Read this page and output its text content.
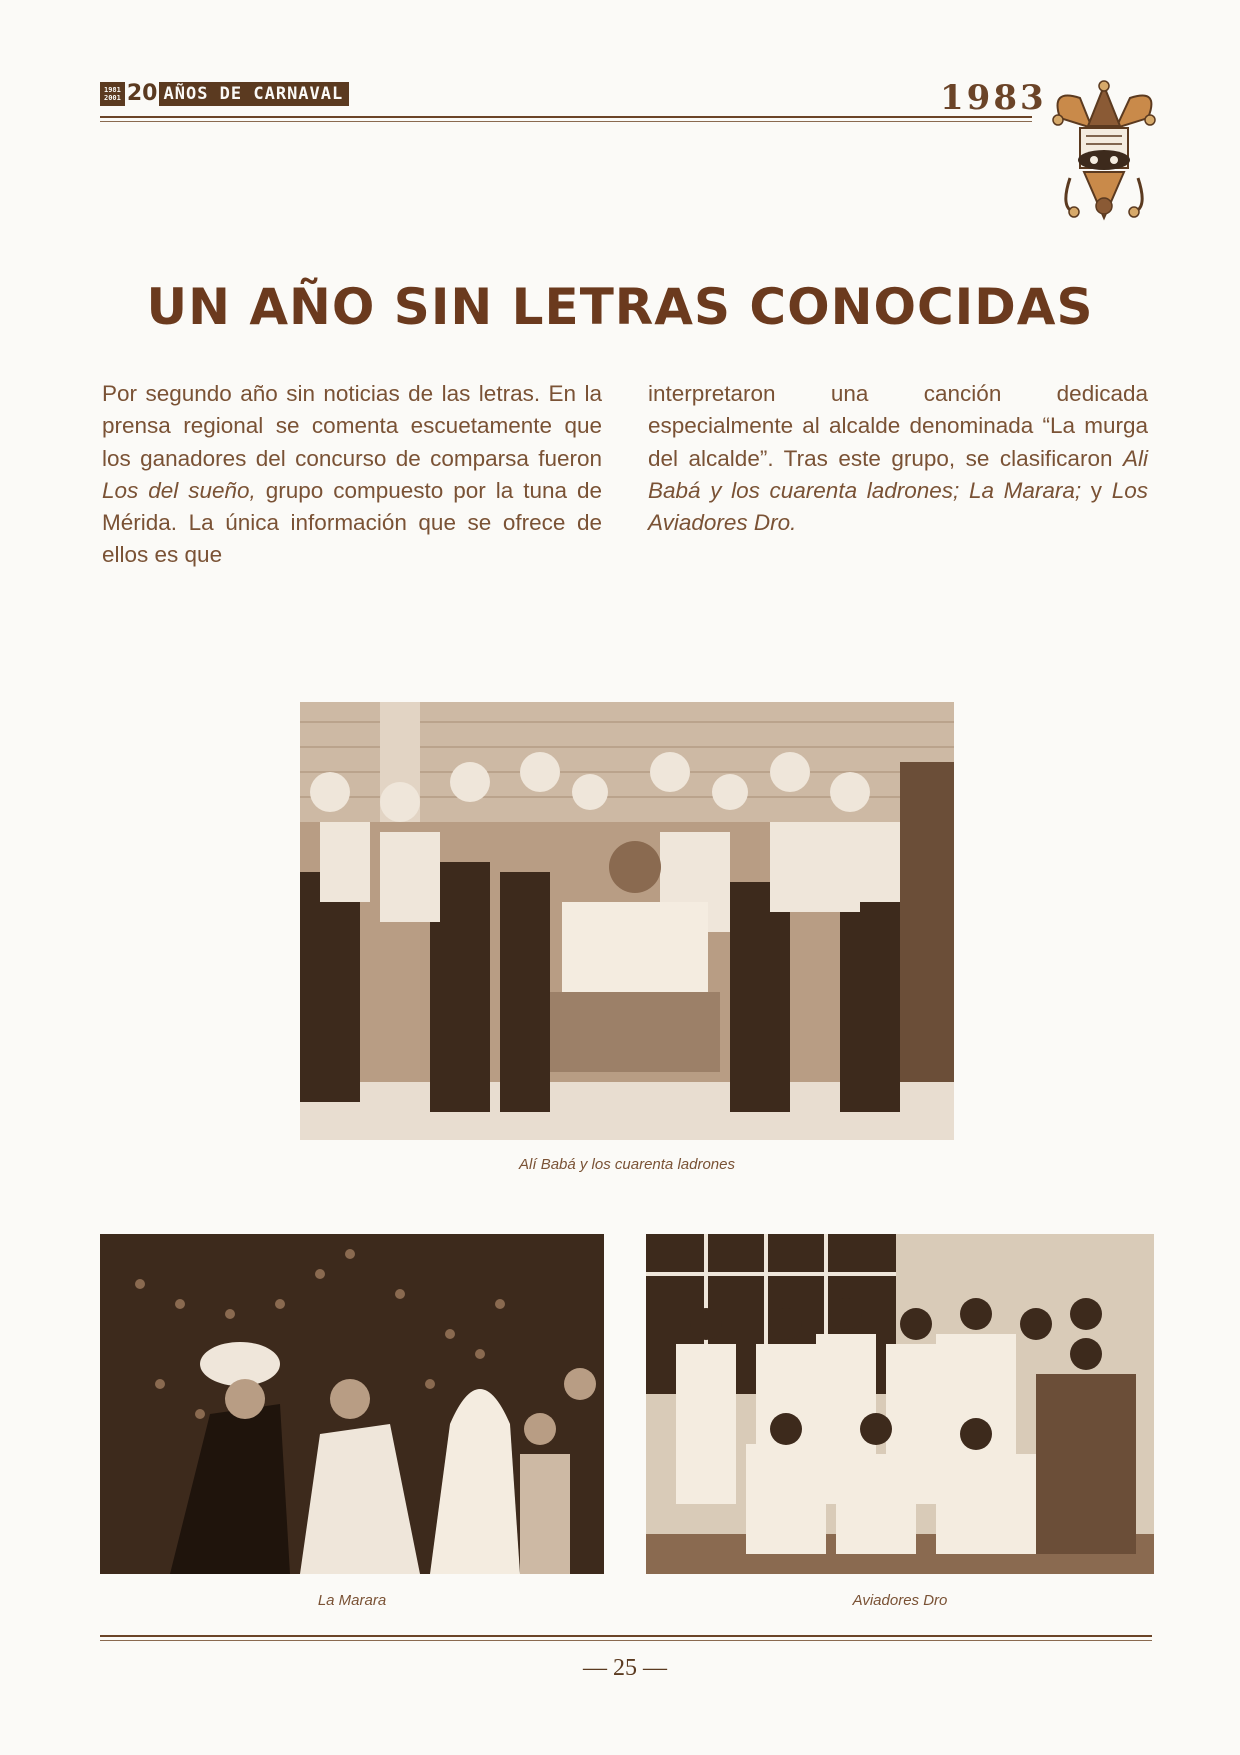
1981
2001 20 AÑOS DE CARNAVAL	1983
UN AÑO SIN LETRAS CONOCIDAS
Por segundo año sin noticias de las letras. En la prensa regional se comenta escuetamente que los ganadores del concurso de comparsa fueron Los del sueño, grupo compuesto por la tuna de Mérida. La única información que se ofrece de ellos es que
interpretaron una canción dedicada especialmente al alcalde denominada “La murga del alcalde”. Tras este grupo, se clasificaron Ali Babá y los cuarenta ladrones; La Marara; y Los Aviadores Dro.
Alí Babá y los cuarenta ladrones
La Marara	Aviadores Dro
— 25 —
